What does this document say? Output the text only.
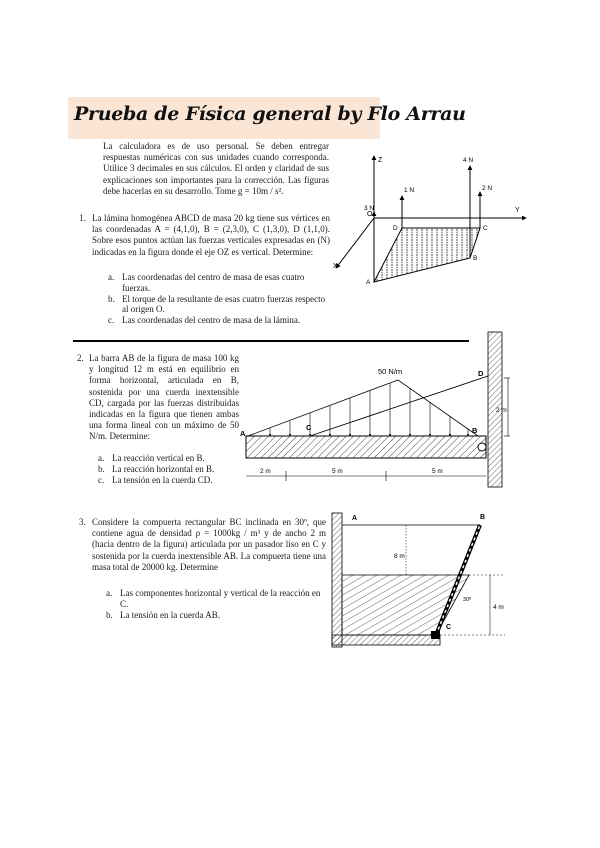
Prueba de Física general by Flo Arrau

La calculadora es de uso personal. Se deben entregar respuestas numéricas con sus unidades cuando corresponda. Utilice 3 decimales en sus cálculos. El orden y claridad de sus explicaciones son importantes para la corrección. Las figuras debe hacerlas en su desarrollo. Tome g = 10m / s².

1. La lámina homogénea ABCD de masa 20 kg tiene sus vértices en las coordenadas A = (4,1,0), B = (2,3,0), C (1,3,0), D (1,1,0). Sobre esos puntos actúan las fuerzas verticales expresadas en (N) indicadas en la figura donde el eje OZ es vertical. Determine:

a. Las coordenadas del centro de masa de esas cuatro fuerzas.
b. El torque de la resultante de esas cuatro fuerzas respecto al origen O.
c. Las coordenadas del centro de masa de la lámina.
Z
Y
X
O
4 N
1 N	2 N
3 N
A
B
C
D
2. La barra AB de la figura de masa 100 kg y longitud 12 m está en equilibrio en forma horizontal, articulada en B, sostenida por una cuerda inextensible CD, cargada por las fuerzas distribuidas indicadas en la figura que tienen ambas una forma lineal con un máximo de 50 N/m. Determine:

a. La reacción vertical en B.
b. La reacción horizontal en B.
c. La tensión en la cuerda CD.
50 N/m
A	B
C
D
2 m
2 m	5 m	5 m
3. Considere la compuerta rectangular BC inclinada en 30º, que contiene agua de densidad ρ = 1000kg / m³ y de ancho 2 m (hacia dentro de la figura) articulada por un pasador liso en C y sostenida por la cuerda inextensible AB. La compuerta tiene una masa total de 20000 kg. Determine

a. Las componentes horizontal y vertical de la reacción en C.
b. La tensión en la cuerda AB.
A	B
C
8 m
4 m
30º
